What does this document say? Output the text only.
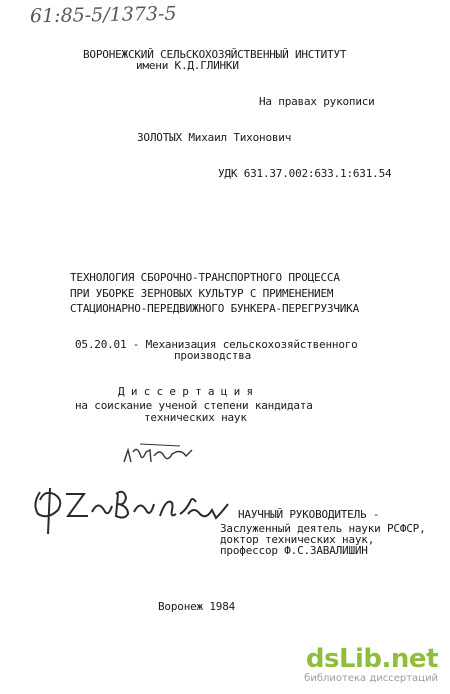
61:85-5/1373-5
ВОРОНЕЖСКИЙ СЕЛЬСКОХОЗЯЙСТВЕННЫЙ ИНСТИТУТ
имени К.Д.ГЛИНКИ
На правах рукописи
ЗОЛОТЫХ Михаил Тихонович
УДК 631.37.002:633.1:631.54
ТЕХНОЛОГИЯ СБОРОЧНО-ТРАНСПОРТНОГО ПРОЦЕССА
ПРИ УБОРКЕ ЗЕРНОВЫХ КУЛЬТУР С ПРИМЕНЕНИЕМ
СТАЦИОНАРНО-ПЕРЕДВИЖНОГО БУНКЕРА-ПЕРЕГРУЗЧИКА
05.20.01 - Механизация сельскохозяйственного
производства
Д и с с е р т а ц и я
на соискание ученой степени кандидата
технических наук
НАУЧНЫЙ РУКОВОДИТЕЛЬ -
Заслуженный деятель науки РСФСР,
доктор технических наук,
профессор Ф.С.ЗАВАЛИШИН
Воронеж 1984
dsLib.net
библиотека диссертаций
